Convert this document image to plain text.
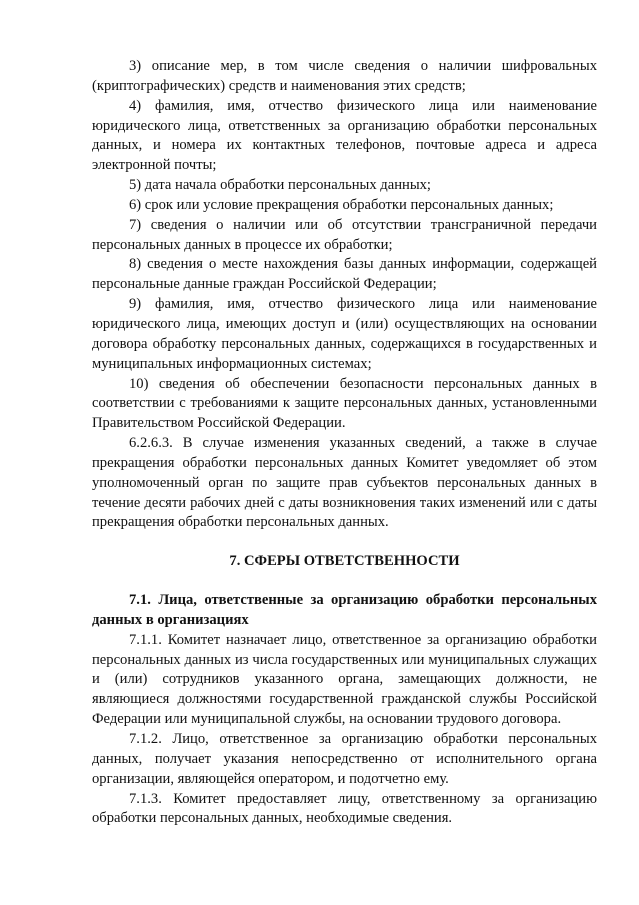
3) описание мер, в том числе сведения о наличии шифровальных (криптографических) средств и наименования этих средств;

4) фамилия, имя, отчество физического лица или наименование юридического лица, ответственных за организацию обработки персональных данных, и номера их контактных телефонов, почтовые адреса и адреса электронной почты;

5) дата начала обработки персональных данных;

6) срок или условие прекращения обработки персональных данных;

7) сведения о наличии или об отсутствии трансграничной передачи персональных данных в процессе их обработки;

8) сведения о месте нахождения базы данных информации, содержащей персональные данные граждан Российской Федерации;

9) фамилия, имя, отчество физического лица или наименование юридического лица, имеющих доступ и (или) осуществляющих на основании договора обработку персональных данных, содержащихся в государственных и муниципальных информационных системах;

10) сведения об обеспечении безопасности персональных данных в соответствии с требованиями к защите персональных данных, установленными Правительством Российской Федерации.

6.2.6.3. В случае изменения указанных сведений, а также в случае прекращения обработки персональных данных Комитет уведомляет об этом уполномоченный орган по защите прав субъектов персональных данных в течение десяти рабочих дней с даты возникновения таких изменений или с даты прекращения обработки персональных данных.

7. СФЕРЫ ОТВЕТСТВЕННОСТИ

7.1. Лица, ответственные за организацию обработки персональных данных в организациях

7.1.1. Комитет назначает лицо, ответственное за организацию обработки персональных данных из числа государственных или муниципальных служащих и (или) сотрудников указанного органа, замещающих должности, не являющиеся должностями государственной гражданской службы Российской Федерации или муниципальной службы, на основании трудового договора.

7.1.2. Лицо, ответственное за организацию обработки персональных данных, получает указания непосредственно от исполнительного органа организации, являющейся оператором, и подотчетно ему.

7.1.3. Комитет предоставляет лицу, ответственному за организацию обработки персональных данных, необходимые сведения.
